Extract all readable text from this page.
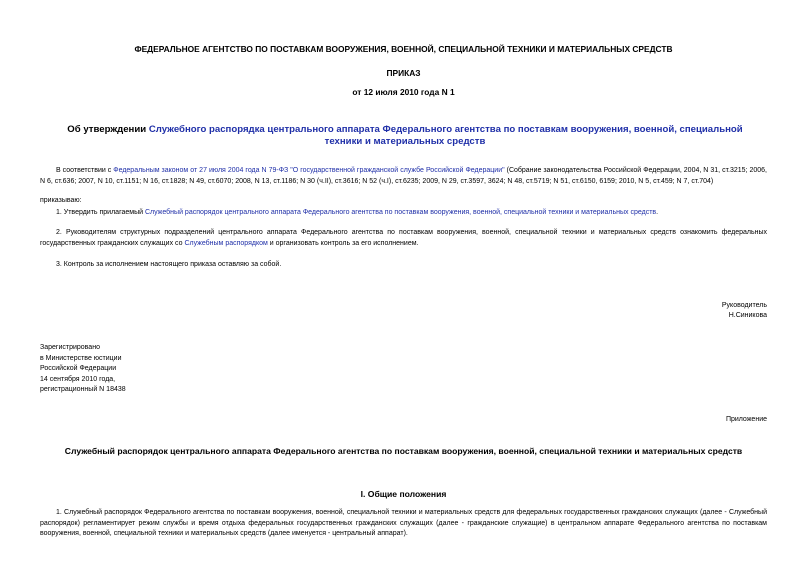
ФЕДЕРАЛЬНОЕ АГЕНТСТВО ПО ПОСТАВКАМ ВООРУЖЕНИЯ, ВОЕННОЙ, СПЕЦИАЛЬНОЙ ТЕХНИКИ И МАТЕРИАЛЬНЫХ СРЕДСТВ
ПРИКАЗ
от 12 июля 2010 года N 1
Об утверждении Служебного распорядка центрального аппарата Федерального агентства по поставкам вооружения, военной, специальной техники и материальных средств
В соответствии с Федеральным законом от 27 июля 2004 года N 79-ФЗ "О государственной гражданской службе Российской Федерации" (Собрание законодательства Российской Федерации, 2004, N 31, ст.3215; 2006, N 6, ст.636; 2007, N 10, ст.1151; N 16, ст.1828; N 49, ст.6070; 2008, N 13, ст.1186; N 30 (ч.II), ст.3616; N 52 (ч.I), ст.6235; 2009, N 29, ст.3597, 3624; N 48, ст.5719; N 51, ст.6150, 6159; 2010, N 5, ст.459; N 7, ст.704)
приказываю:
1. Утвердить прилагаемый Служебный распорядок центрального аппарата Федерального агентства по поставкам вооружения, военной, специальной техники и материальных средств.
2. Руководителям структурных подразделений центрального аппарата Федерального агентства по поставкам вооружения, военной, специальной техники и материальных средств ознакомить федеральных государственных гражданских служащих со Служебным распорядком и организовать контроль за его исполнением.
3. Контроль за исполнением настоящего приказа оставляю за собой.
Руководитель
Н.Синикова
Зарегистрировано
в Министерстве юстиции
Российской Федерации
14 сентября 2010 года,
регистрационный N 18438
Приложение
Служебный распорядок центрального аппарата Федерального агентства по поставкам вооружения, военной, специальной техники и материальных средств
I. Общие положения
1. Служебный распорядок Федерального агентства по поставкам вооружения, военной, специальной техники и материальных средств для федеральных государственных гражданских служащих (далее - Служебный распорядок) регламентирует режим службы и время отдыха федеральных государственных гражданских служащих (далее - гражданские служащие) в центральном аппарате Федерального агентства по поставкам вооружения, военной, специальной техники и материальных средств (далее именуется - центральный аппарат).
